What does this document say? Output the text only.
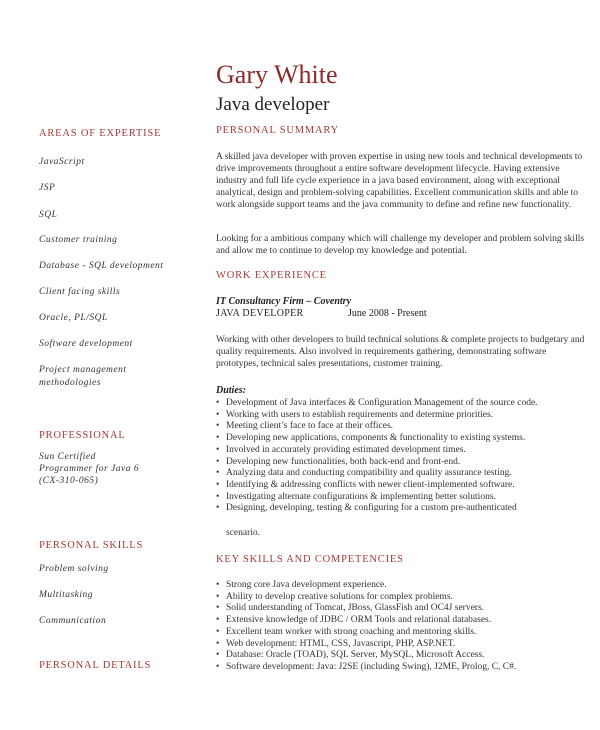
Gary White
Java developer
AREAS OF EXPERTISE
JavaScript
JSP
SQL
Customer training
Database - SQL development
Client facing skills
Oracle, PL/SQL
Software development
Project management
methodologies
PROFESSIONAL
Sun Certified
Programmer for Java 6
(CX-310-065)
PERSONAL SKILLS
Problem solving
Multitasking
Communication
PERSONAL DETAILS
PERSONAL SUMMARY

A skilled java developer with proven expertise in using new tools and technical developments to drive improvements throughout a entire software development lifecycle. Having extensive industry and full life cycle experience in a java based environment, along with exceptional analytical, design and problem-solving capabilities. Excellent communication skills and able to work alongside support teams and the java community to define and refine new functionality.

Looking for a ambitious company which will challenge my developer and problem solving skills and allow me to continue to develop my knowledge and potential.

WORK EXPERIENCE
IT Consultancy Firm – Coventry
JAVA DEVELOPER	June 2008 - Present

Working with other developers to build technical solutions & complete projects to budgetary and quality requirements. Also involved in requirements gathering, demonstrating software prototypes, technical sales presentations, customer training.

Duties:
• Development of Java interfaces & Configuration Management of the source code.
• Working with users to establish requirements and determine priorities.
• Meeting client’s face to face at their offices.
• Developing new applications, components & functionality to existing systems.
• Involved in accurately providing estimated development times.
• Developing new functionalities, both back-end and front-end.
• Analyzing data and conducting compatibility and quality assurance testing.
• Identifying & addressing conflicts with newer client-implemented software.
• Investigating alternate configurations & implementing better solutions.
• Designing, developing, testing & configuring for a custom pre-authenticated
scenario.
KEY SKILLS AND COMPETENCIES
• Strong core Java development experience.
• Ability to develop creative solutions for complex problems.
• Solid understanding of Tomcat, JBoss, GlassFish and OC4J servers.
• Extensive knowledge of JDBC / ORM Tools and relational databases.
• Excellent team worker with strong coaching and mentoring skills.
• Web development: HTML, CSS, Javascript, PHP, ASP.NET.
• Database: Oracle (TOAD), SQL Server, MySQL, Microsoft Access.
• Software development: Java: J2SE (including Swing), J2ME, Prolog, C, C#.
